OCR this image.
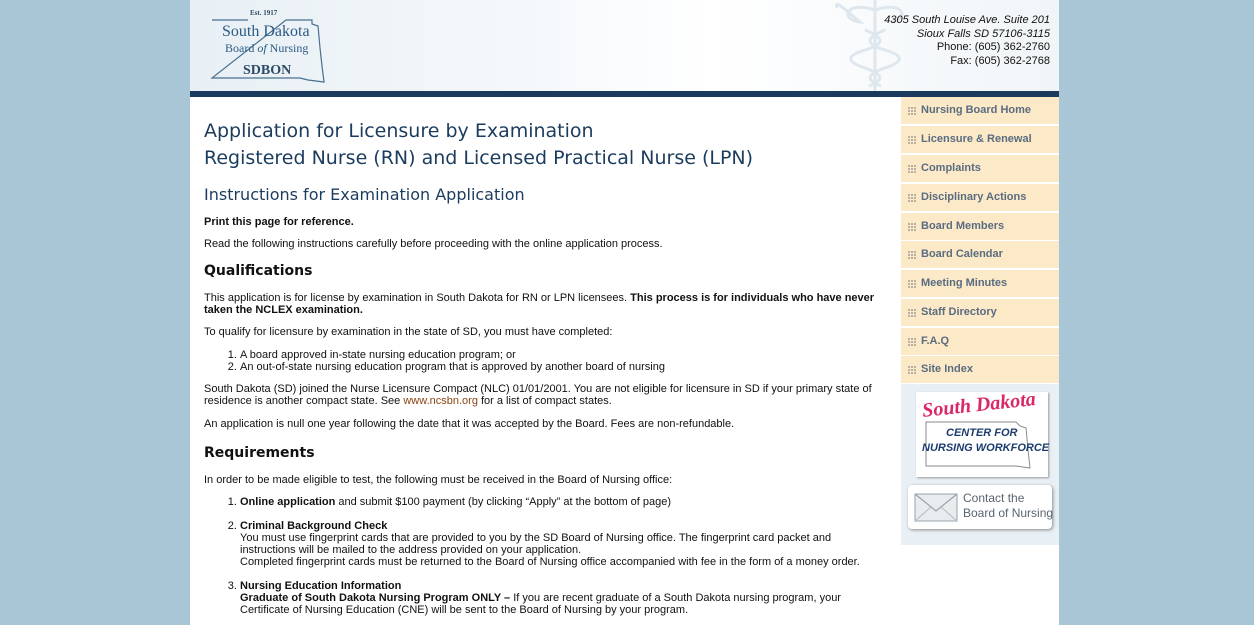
Est. 1917
South Dakota
Board of Nursing
SDBON
4305 South Louise Ave. Suite 201
Sioux Falls SD 57106-3115
Phone: (605) 362-2760
Fax: (605) 362-2768
Application for Licensure by Examination
Registered Nurse (RN) and Licensed Practical Nurse (LPN)
Instructions for Examination Application

Print this page for reference.

Read the following instructions carefully before proceeding with the online application process.

Qualifications

This application is for license by examination in South Dakota for RN or LPN licensees. This process is for individuals who have never taken the NCLEX examination.

To qualify for licensure by examination in the state of SD, you must have completed:

1. A board approved in-state nursing education program; or
2. An out-of-state nursing education program that is approved by another board of nursing

South Dakota (SD) joined the Nurse Licensure Compact (NLC) 01/01/2001. You are not eligible for licensure in SD if your primary state of residence is another compact state. See www.ncsbn.org for a list of compact states.

An application is null one year following the date that it was accepted by the Board. Fees are non-refundable.

Requirements

In order to be made eligible to test, the following must be received in the Board of Nursing office:

1. Online application and submit $100 payment (by clicking “Apply” at the bottom of page)
2. Criminal Background Check
You must use fingerprint cards that are provided to you by the SD Board of Nursing office. The fingerprint card packet and instructions will be mailed to the address provided on your application.
Completed fingerprint cards must be returned to the Board of Nursing office accompanied with fee in the form of a money order.
3. Nursing Education Information
Graduate of South Dakota Nursing Program ONLY – If you are recent graduate of a South Dakota nursing program, your Certificate of Nursing Education (CNE) will be sent to the Board of Nursing by your program.
Nursing Board Home
Licensure & Renewal
Complaints
Disciplinary Actions
Board Members
Board Calendar
Meeting Minutes
Staff Directory
F.A.Q
Site Index
South Dakota
CENTER FOR
NURSING WORKFORCE
Contact the
Board of Nursing
